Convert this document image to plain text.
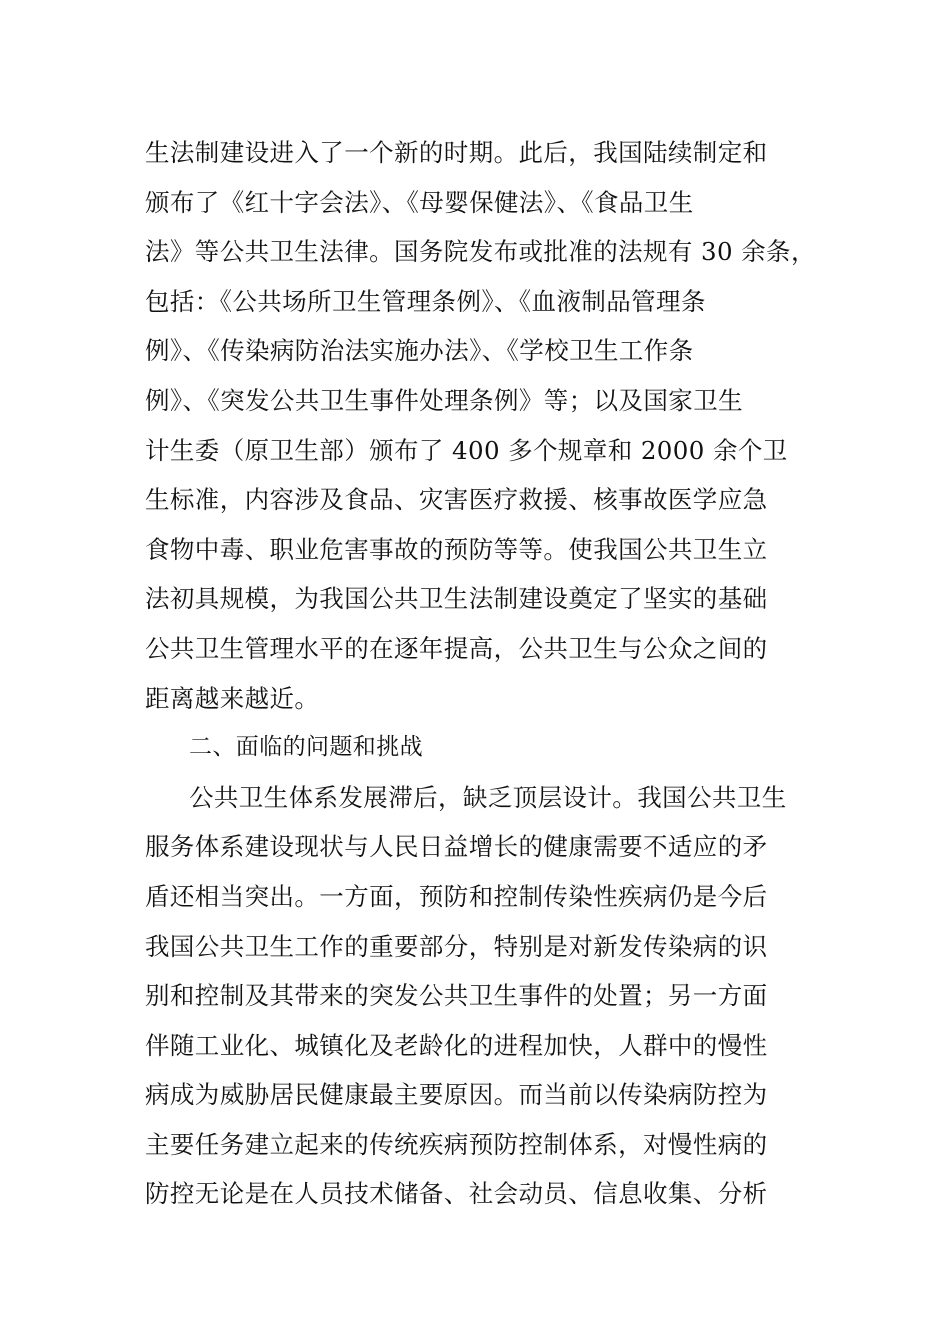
生法制建设进入了一个新的时期。此后，我国陆续制定和
颁布了《红十字会法》、《母婴保健法》、《食品卫生
法》等公共卫生法律。国务院发布或批准的法规有 30 余条，
包括：《公共场所卫生管理条例》、《血液制品管理条
例》、《传染病防治法实施办法》、《学校卫生工作条
例》、《突发公共卫生事件处理条例》等；以及国家卫生
计生委（原卫生部）颁布了 400 多个规章和 2000 余个卫
生标准，内容涉及食品、灾害医疗救援、核事故医学应急
食物中毒、职业危害事故的预防等等。使我国公共卫生立
法初具规模，为我国公共卫生法制建设奠定了坚实的基础
公共卫生管理水平的在逐年提高，公共卫生与公众之间的
距离越来越近。
二、面临的问题和挑战
公共卫生体系发展滞后，缺乏顶层设计。我国公共卫生
服务体系建设现状与人民日益增长的健康需要不适应的矛
盾还相当突出。一方面，预防和控制传染性疾病仍是今后
我国公共卫生工作的重要部分，特别是对新发传染病的识
别和控制及其带来的突发公共卫生事件的处置；另一方面
伴随工业化、城镇化及老龄化的进程加快，人群中的慢性
病成为威胁居民健康最主要原因。而当前以传染病防控为
主要任务建立起来的传统疾病预防控制体系，对慢性病的
防控无论是在人员技术储备、社会动员、信息收集、分析
